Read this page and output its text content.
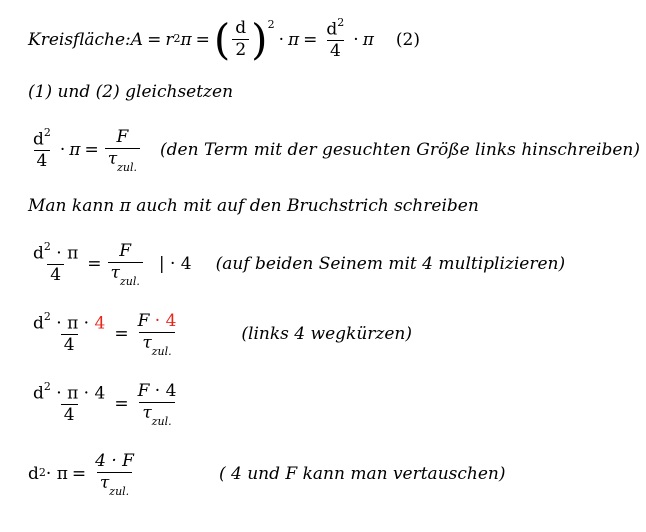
Kreisfläche: $A = r^2$ π = ( $\frac{d}{2} )^2$
· $\pi = \frac{d^2}{4} \cdot \pi$ (2)
(1) und (2) gleichsetzen
$\frac{d^2}{4} \cdot \pi = \frac{F}{\tau_{zul.}} (den$ Term mit der gesuchten Größe links hinschreiben)
Man kann π auch mit auf den Bruchstrich schreiben
$\frac{d^2 \cdot \pi}{4} = \frac{F}{\tau_{zul.}}$ | · 4 (auf beiden Seinem mit 4 multiplizieren)
$\frac{d^2 \cdot \pi \cdot 4}{4} = \frac{F \cdot 4}{\tau_{zul.}}$	(links 4 wegkürzen)
$\frac{d^2 \cdot \pi \cdot 4}{4} = \frac{F \cdot 4}{\tau_{zul.}}$
$d^2 \cdot \pi = \frac{4 \cdot F}{\tau_{zul.}}$	( 4 und F kann man vertauschen)
